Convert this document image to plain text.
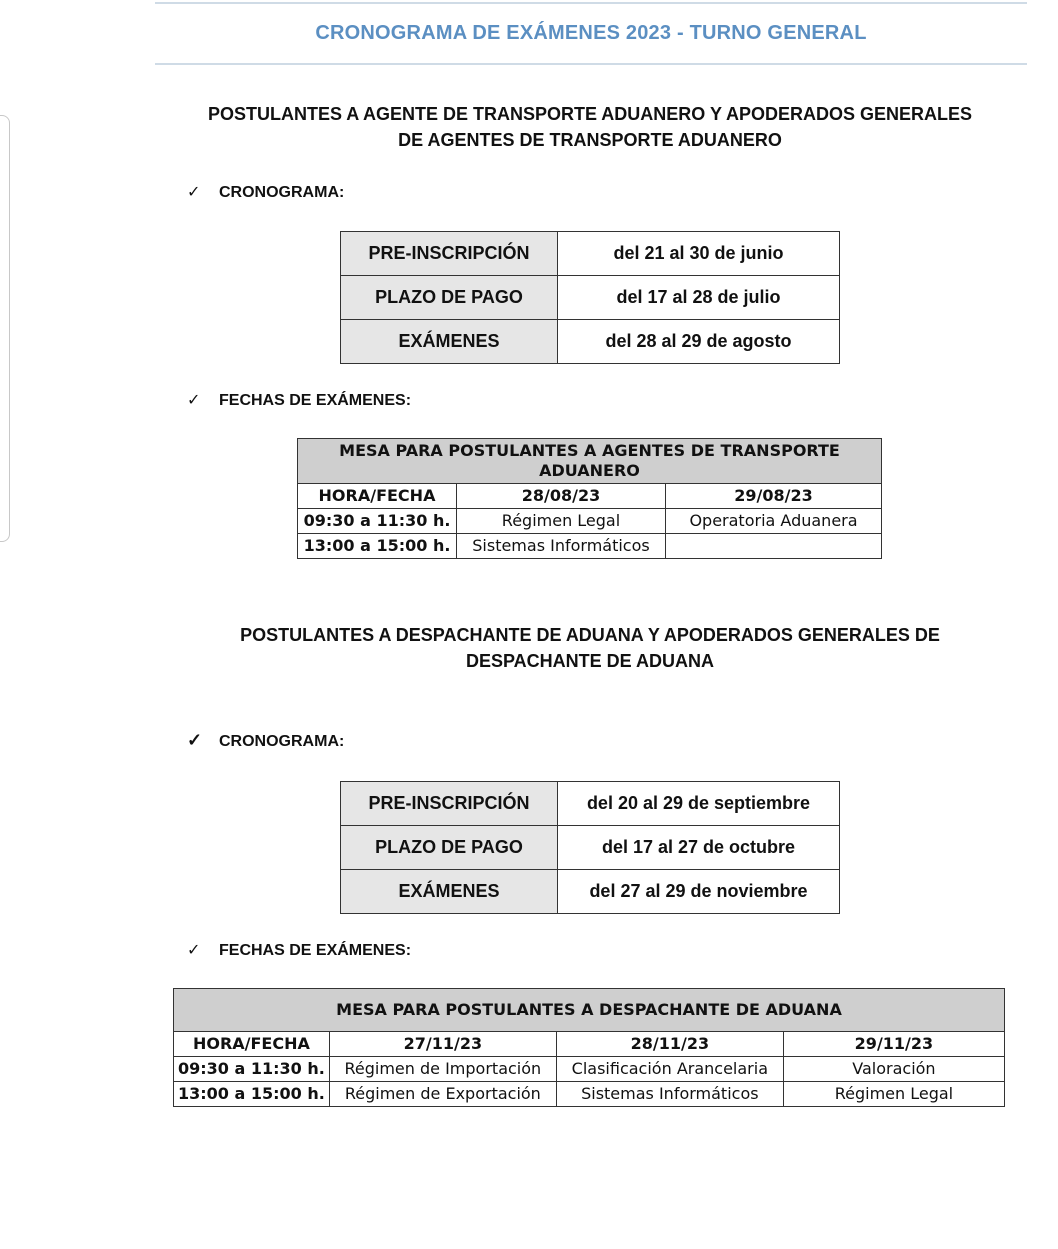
CRONOGRAMA DE EXÁMENES 2023 - TURNO GENERAL
POSTULANTES A AGENTE DE TRANSPORTE ADUANERO Y APODERADOS GENERALES
DE AGENTES DE TRANSPORTE ADUANERO
✓ CRONOGRAMA:
PRE-INSCRIPCIÓN	del 21 al 30 de junio
PLAZO DE PAGO	del 17 al 28 de julio
EXÁMENES	del 28 al 29 de agosto
✓ FECHAS DE EXÁMENES:
MESA PARA POSTULANTES A AGENTES DE TRANSPORTE ADUANERO		
HORA/FECHA	28/08/23	29/08/23
09:30 a 11:30 h.	Régimen Legal	Operatoria Aduanera
13:00 a 15:00 h.	Sistemas Informáticos	
POSTULANTES A DESPACHANTE DE ADUANA Y APODERADOS GENERALES DE
DESPACHANTE DE ADUANA
✓ CRONOGRAMA:
PRE-INSCRIPCIÓN	del 20 al 29 de septiembre
PLAZO DE PAGO	del 17 al 27 de octubre
EXÁMENES	del 27 al 29 de noviembre
✓ FECHAS DE EXÁMENES:
MESA PARA POSTULANTES A DESPACHANTE DE ADUANA			
HORA/FECHA	27/11/23	28/11/23	29/11/23
09:30 a 11:30 h.	Régimen de Importación	Clasificación Arancelaria	Valoración
13:00 a 15:00 h.	Régimen de Exportación	Sistemas Informáticos	Régimen Legal
